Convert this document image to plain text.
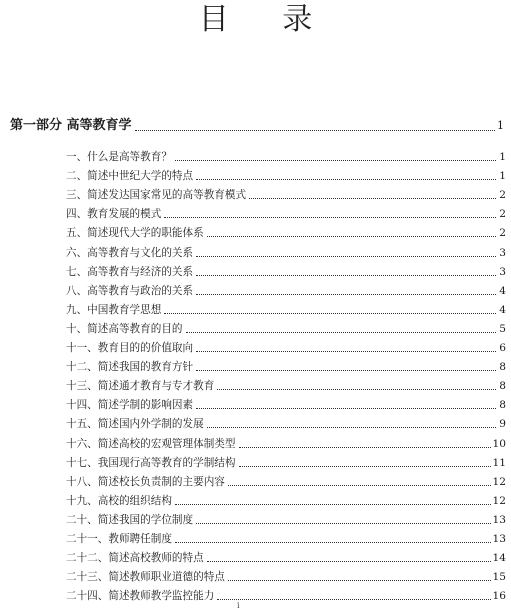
目 录
第一部分 高等教育学	1
一、什么是高等教育？	1
二、简述中世纪大学的特点	1
三、简述发达国家常见的高等教育模式	2
四、教育发展的模式	2
五、简述现代大学的职能体系	2
六、高等教育与文化的关系	3
七、高等教育与经济的关系	3
八、高等教育与政治的关系	4
九、中国教育学思想	4
十、简述高等教育的目的	5
十一、教育目的的价值取向	6
十二、简述我国的教育方针	8
十三、简述通才教育与专才教育	8
十四、简述学制的影响因素	8
十五、简述国内外学制的发展	9
十六、简述高校的宏观管理体制类型	10
十七、我国现行高等教育的学制结构	11
十八、简述校长负责制的主要内容	12
十九、高校的组织结构	12
二十、简述我国的学位制度	13
二十一、教师聘任制度	13
二十二、简述高校教师的特点	14
二十三、简述教师职业道德的特点	15
二十四、简述教师教学监控能力	16
i
